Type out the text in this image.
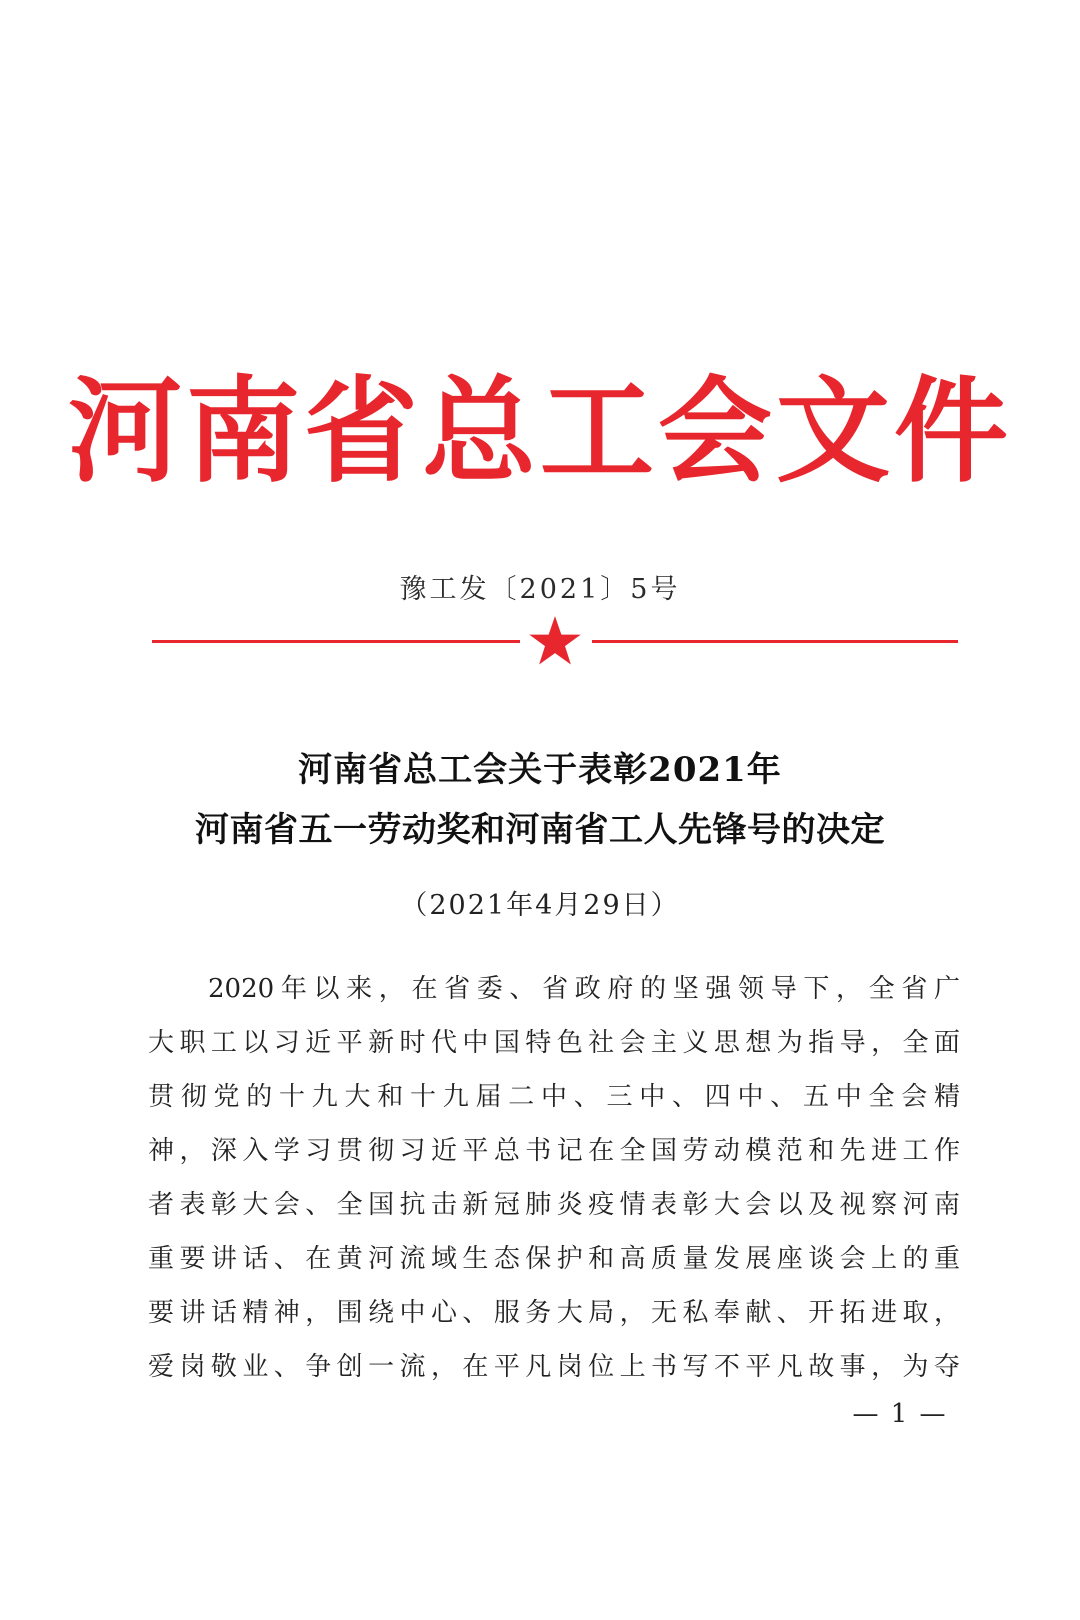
河南省总工会文件
豫工发〔2021〕5号
河南省总工会关于表彰2021年
河南省五一劳动奖和河南省工人先锋号的决定
（2021年4月29日）
2020年以来，在省委、省政府的坚强领导下，全省广
大职工以习近平新时代中国特色社会主义思想为指导，全面
贯彻党的十九大和十九届二中、三中、四中、五中全会精
神，深入学习贯彻习近平总书记在全国劳动模范和先进工作
者表彰大会、全国抗击新冠肺炎疫情表彰大会以及视察河南
重要讲话、在黄河流域生态保护和高质量发展座谈会上的重
要讲话精神，围绕中心、服务大局，无私奉献、开拓进取，
爱岗敬业、争创一流，在平凡岗位上书写不平凡故事，为夺
— 1 —
